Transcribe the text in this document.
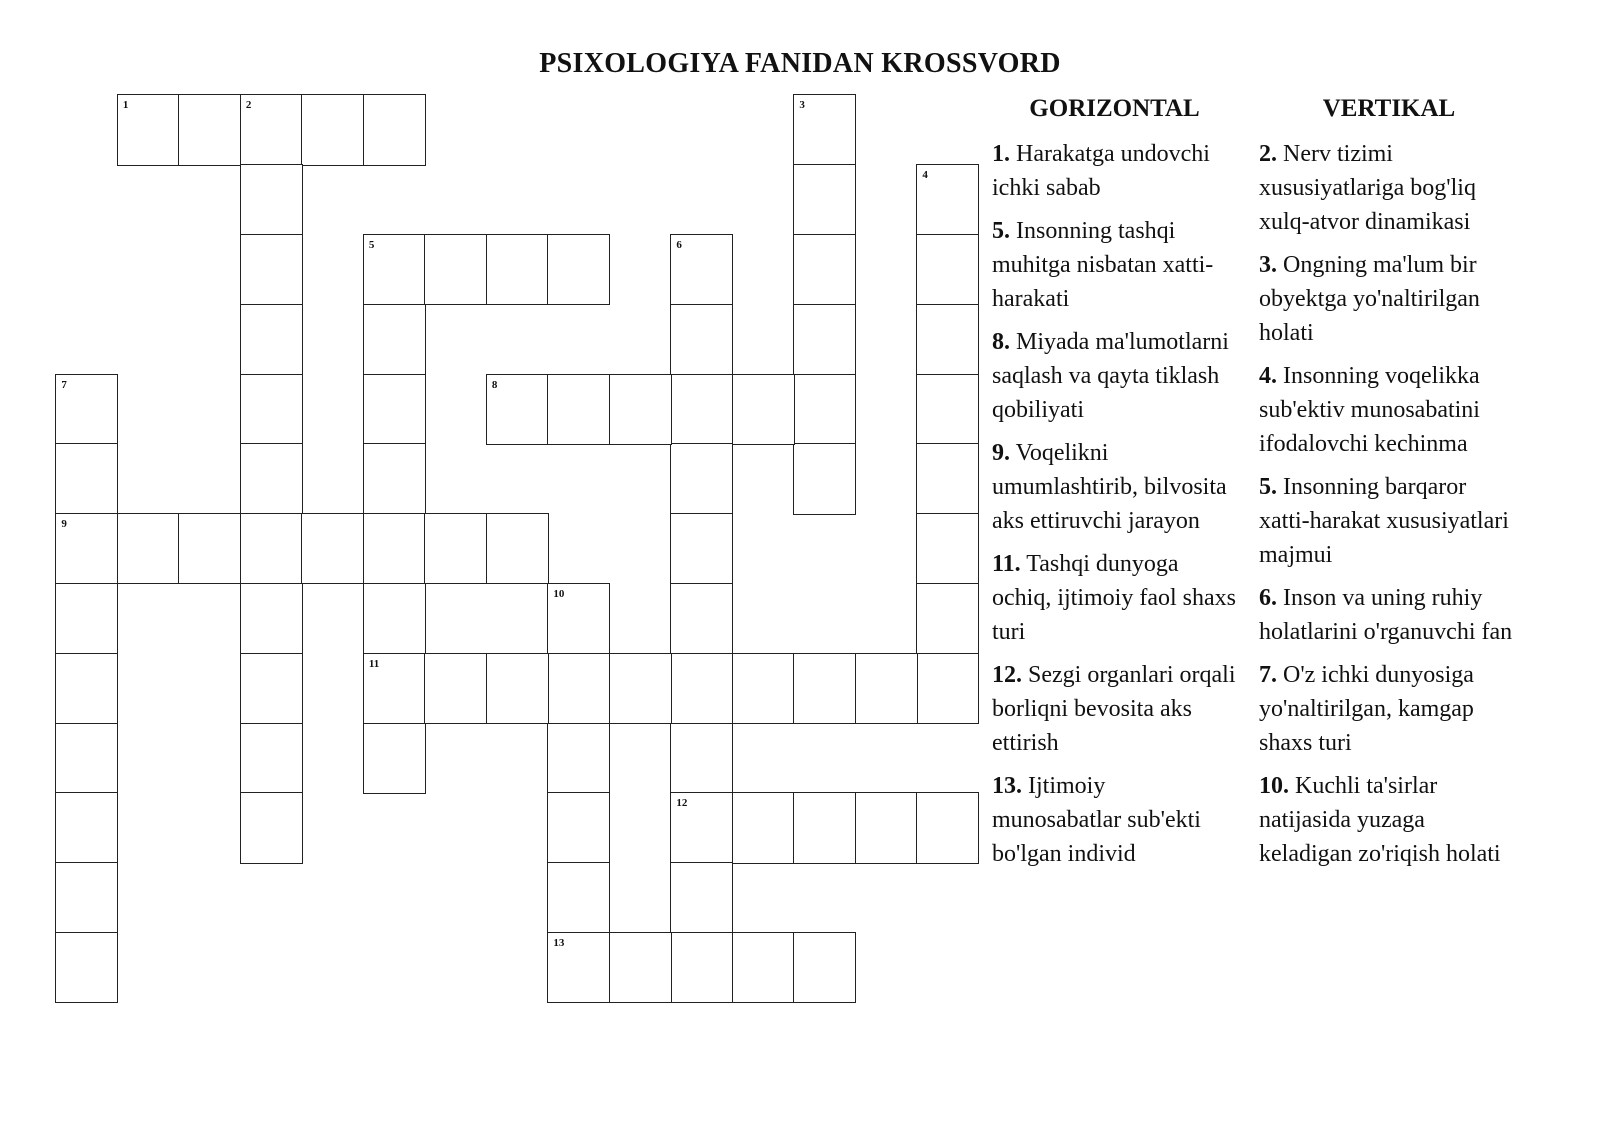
PSIXOLOGIYA FANIDAN KROSSVORD
1	2	3
4
5
11
6
12
7
9
8
10
13
GORIZONTAL
1. Harakatga undovchi ichki sabab
5. Insonning tashqi muhitga nisbatan xatti-harakati
8. Miyada ma'lumotlarni saqlash va qayta tiklash qobiliyati
9. Voqelikni umumlashtirib, bilvosita aks ettiruvchi jarayon
11. Tashqi dunyoga ochiq, ijtimoiy faol shaxs turi
12. Sezgi organlari orqali borliqni bevosita aks ettirish
13. Ijtimoiy munosabatlar sub'ekti bo'lgan individ
VERTIKAL
2. Nerv tizimi xususiyatlariga bog'liq xulq-atvor dinamikasi
3. Ongning ma'lum bir obyektga yo'naltirilgan holati
4. Insonning voqelikka sub'ektiv munosabatini ifodalovchi kechinma
5. Insonning barqaror xatti-harakat xususiyatlari majmui
6. Inson va uning ruhiy holatlarini o'rganuvchi fan
7. O'z ichki dunyosiga yo'naltirilgan, kamgap shaxs turi
10. Kuchli ta'sirlar natijasida yuzaga keladigan zo'riqish holati
